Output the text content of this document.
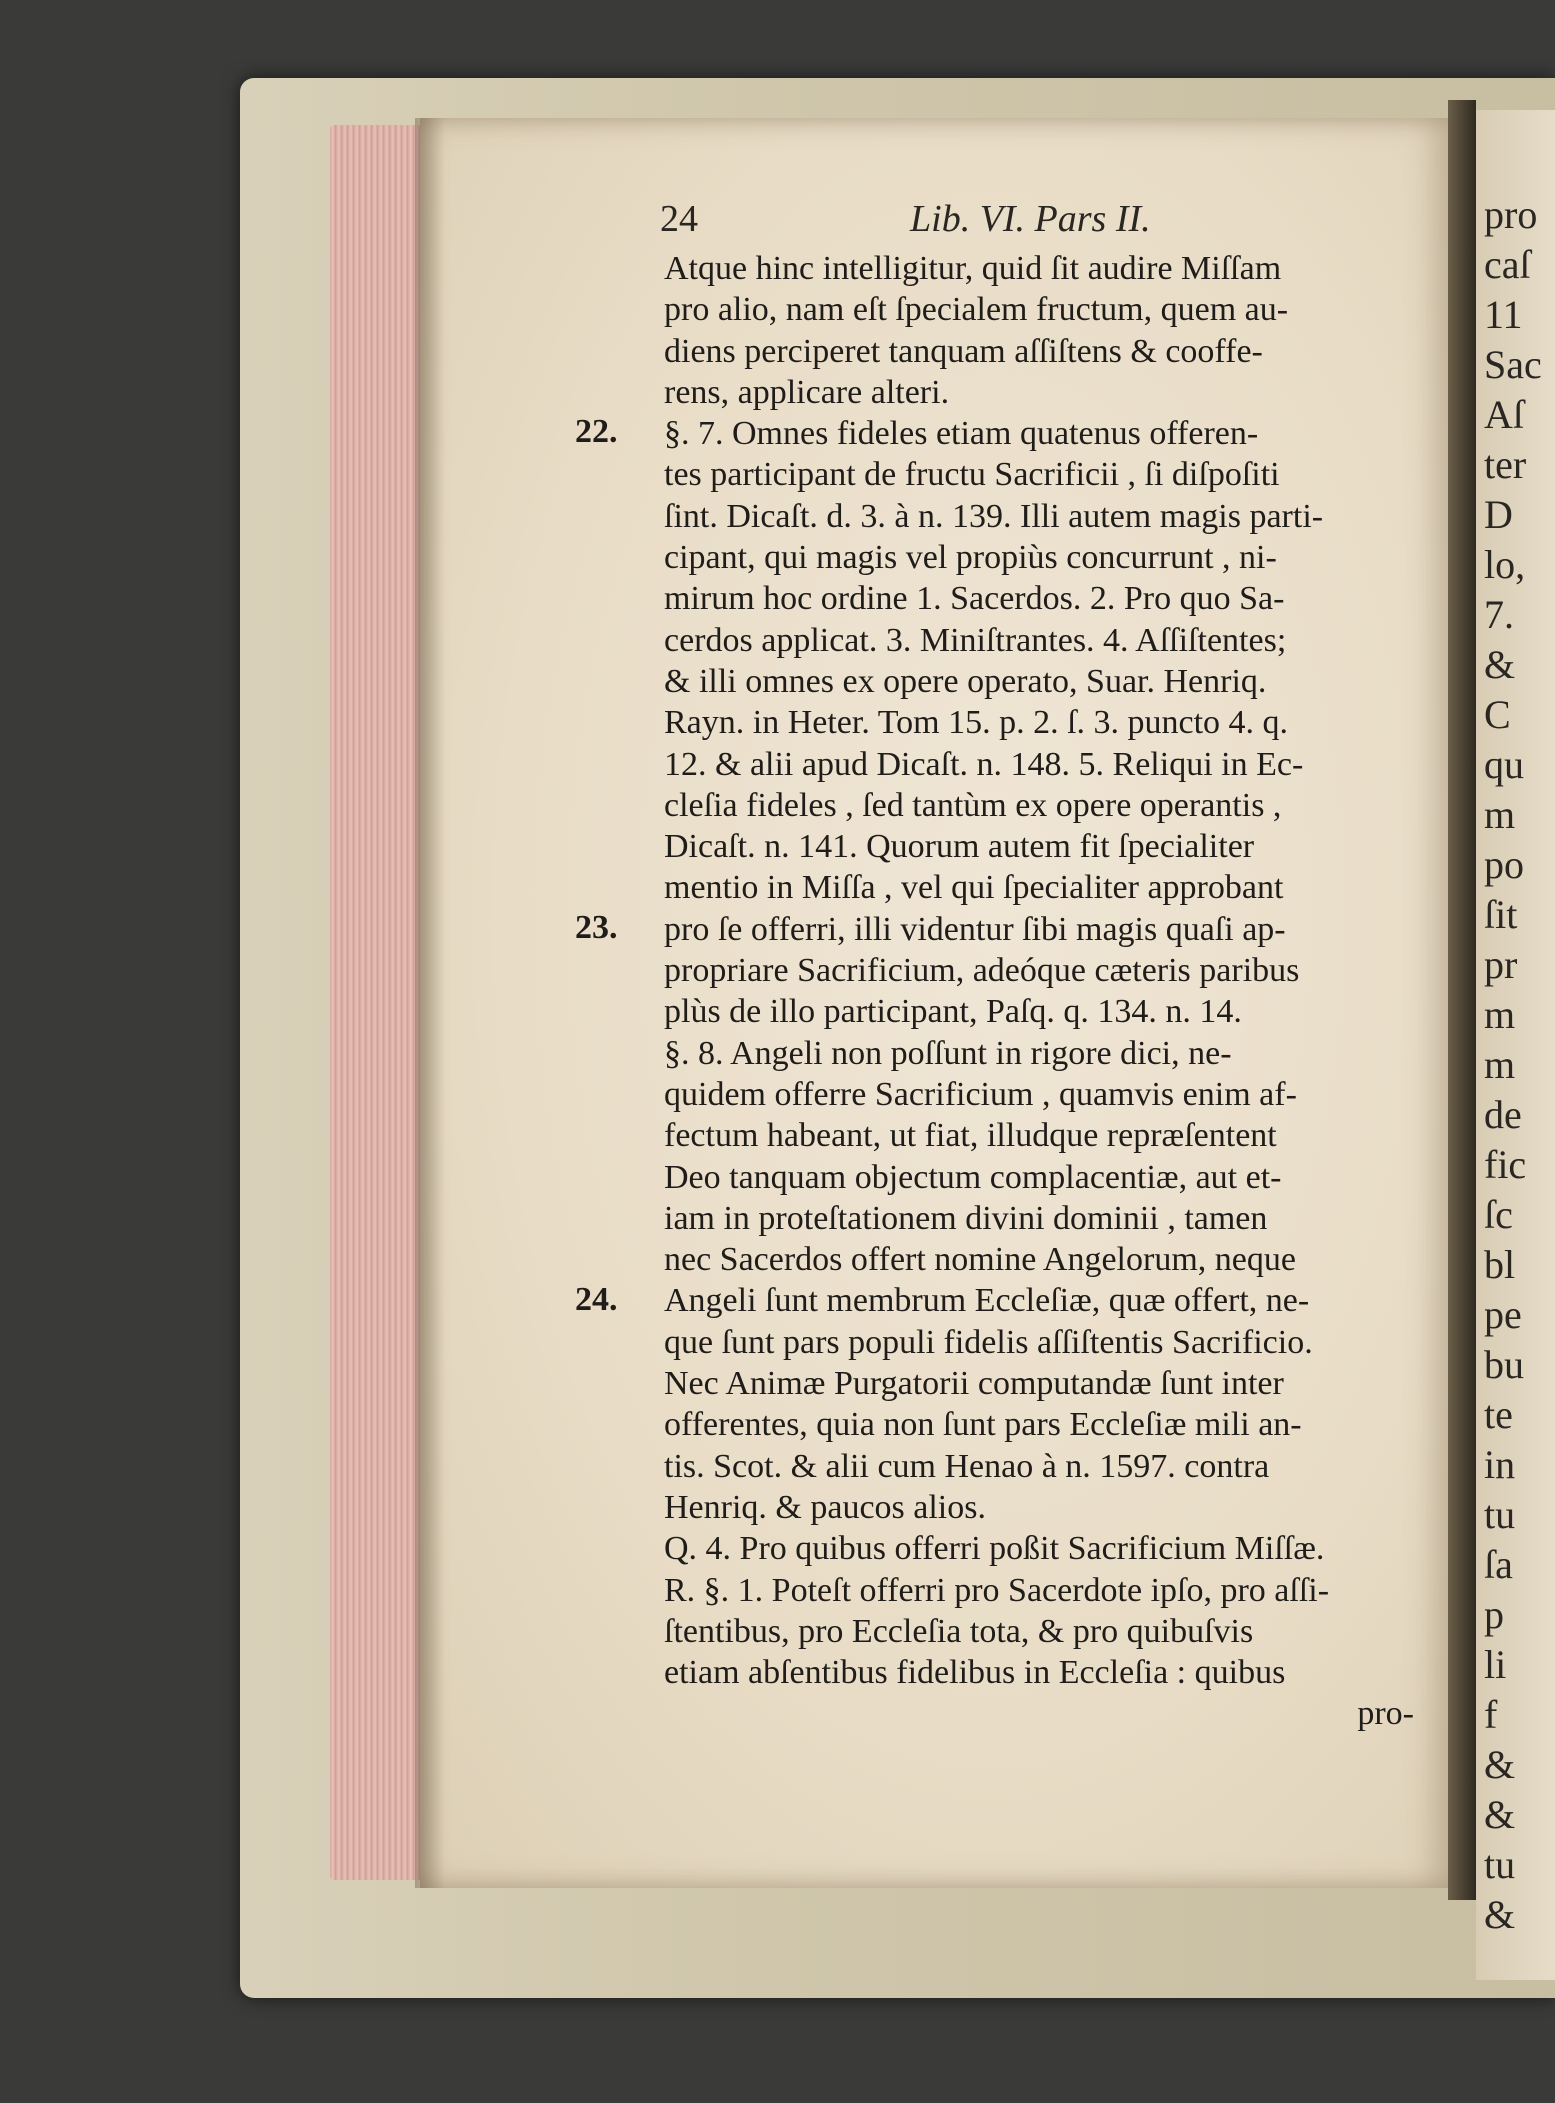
pro
caſ
11
Sac
Aſ
ter
D
lo,
7.
&
C
qu
m
po
ſit
pr
m
m
de
fic
ſc
bl
pe
bu
te
in
tu
ſa
p
li
f
&
&
tu
&
24	Lib. VI. Pars II.
22.
23.
24.
Atque hinc intelligitur, quid ſit audire Miſſam
pro alio, nam eſt ſpecialem fructum, quem au-
diens perciperet tanquam aſſiſtens & cooffe-
rens, applicare alteri.
§. 7. Omnes fideles etiam quatenus offeren-
tes participant de fructu Sacrificii , ſi diſpoſiti
ſint. Dicaſt. d. 3. à n. 139. Illi autem magis parti-
cipant, qui magis vel propiùs concurrunt , ni-
mirum hoc ordine 1. Sacerdos. 2. Pro quo Sa-
cerdos applicat. 3. Miniſtrantes. 4. Aſſiſtentes;
& illi omnes ex opere operato, Suar. Henriq.
Rayn. in Heter. Tom 15. p. 2. ſ. 3. puncto 4. q.
12. & alii apud Dicaſt. n. 148. 5. Reliqui in Ec-
cleſia fideles , ſed tantùm ex opere operantis ,
Dicaſt. n. 141. Quorum autem fit ſpecialiter
mentio in Miſſa , vel qui ſpecialiter approbant
pro ſe offerri, illi videntur ſibi magis quaſi ap-
propriare Sacrificium, adeóque cæteris paribus
plùs de illo participant, Paſq. q. 134. n. 14.
§. 8. Angeli non poſſunt in rigore dici, ne-
quidem offerre Sacrificium , quamvis enim af-
fectum habeant, ut fiat, illudque repræſentent
Deo tanquam objectum complacentiæ, aut et-
iam in proteſtationem divini dominii , tamen
nec Sacerdos offert nomine Angelorum, neque
Angeli ſunt membrum Eccleſiæ, quæ offert, ne-
que ſunt pars populi fidelis aſſiſtentis Sacrificio.
Nec Animæ Purgatorii computandæ ſunt inter
offerentes, quia non ſunt pars Eccleſiæ mili an-
tis. Scot. & alii cum Henao à n. 1597. contra
Henriq. & paucos alios.
Q. 4. Pro quibus offerri poßit Sacrificium Miſſæ.
R. §. 1. Poteſt offerri pro Sacerdote ipſo, pro aſſi-
ſtentibus, pro Eccleſia tota, & pro quibuſvis
etiam abſentibus fidelibus in Eccleſia : quibus
pro-
